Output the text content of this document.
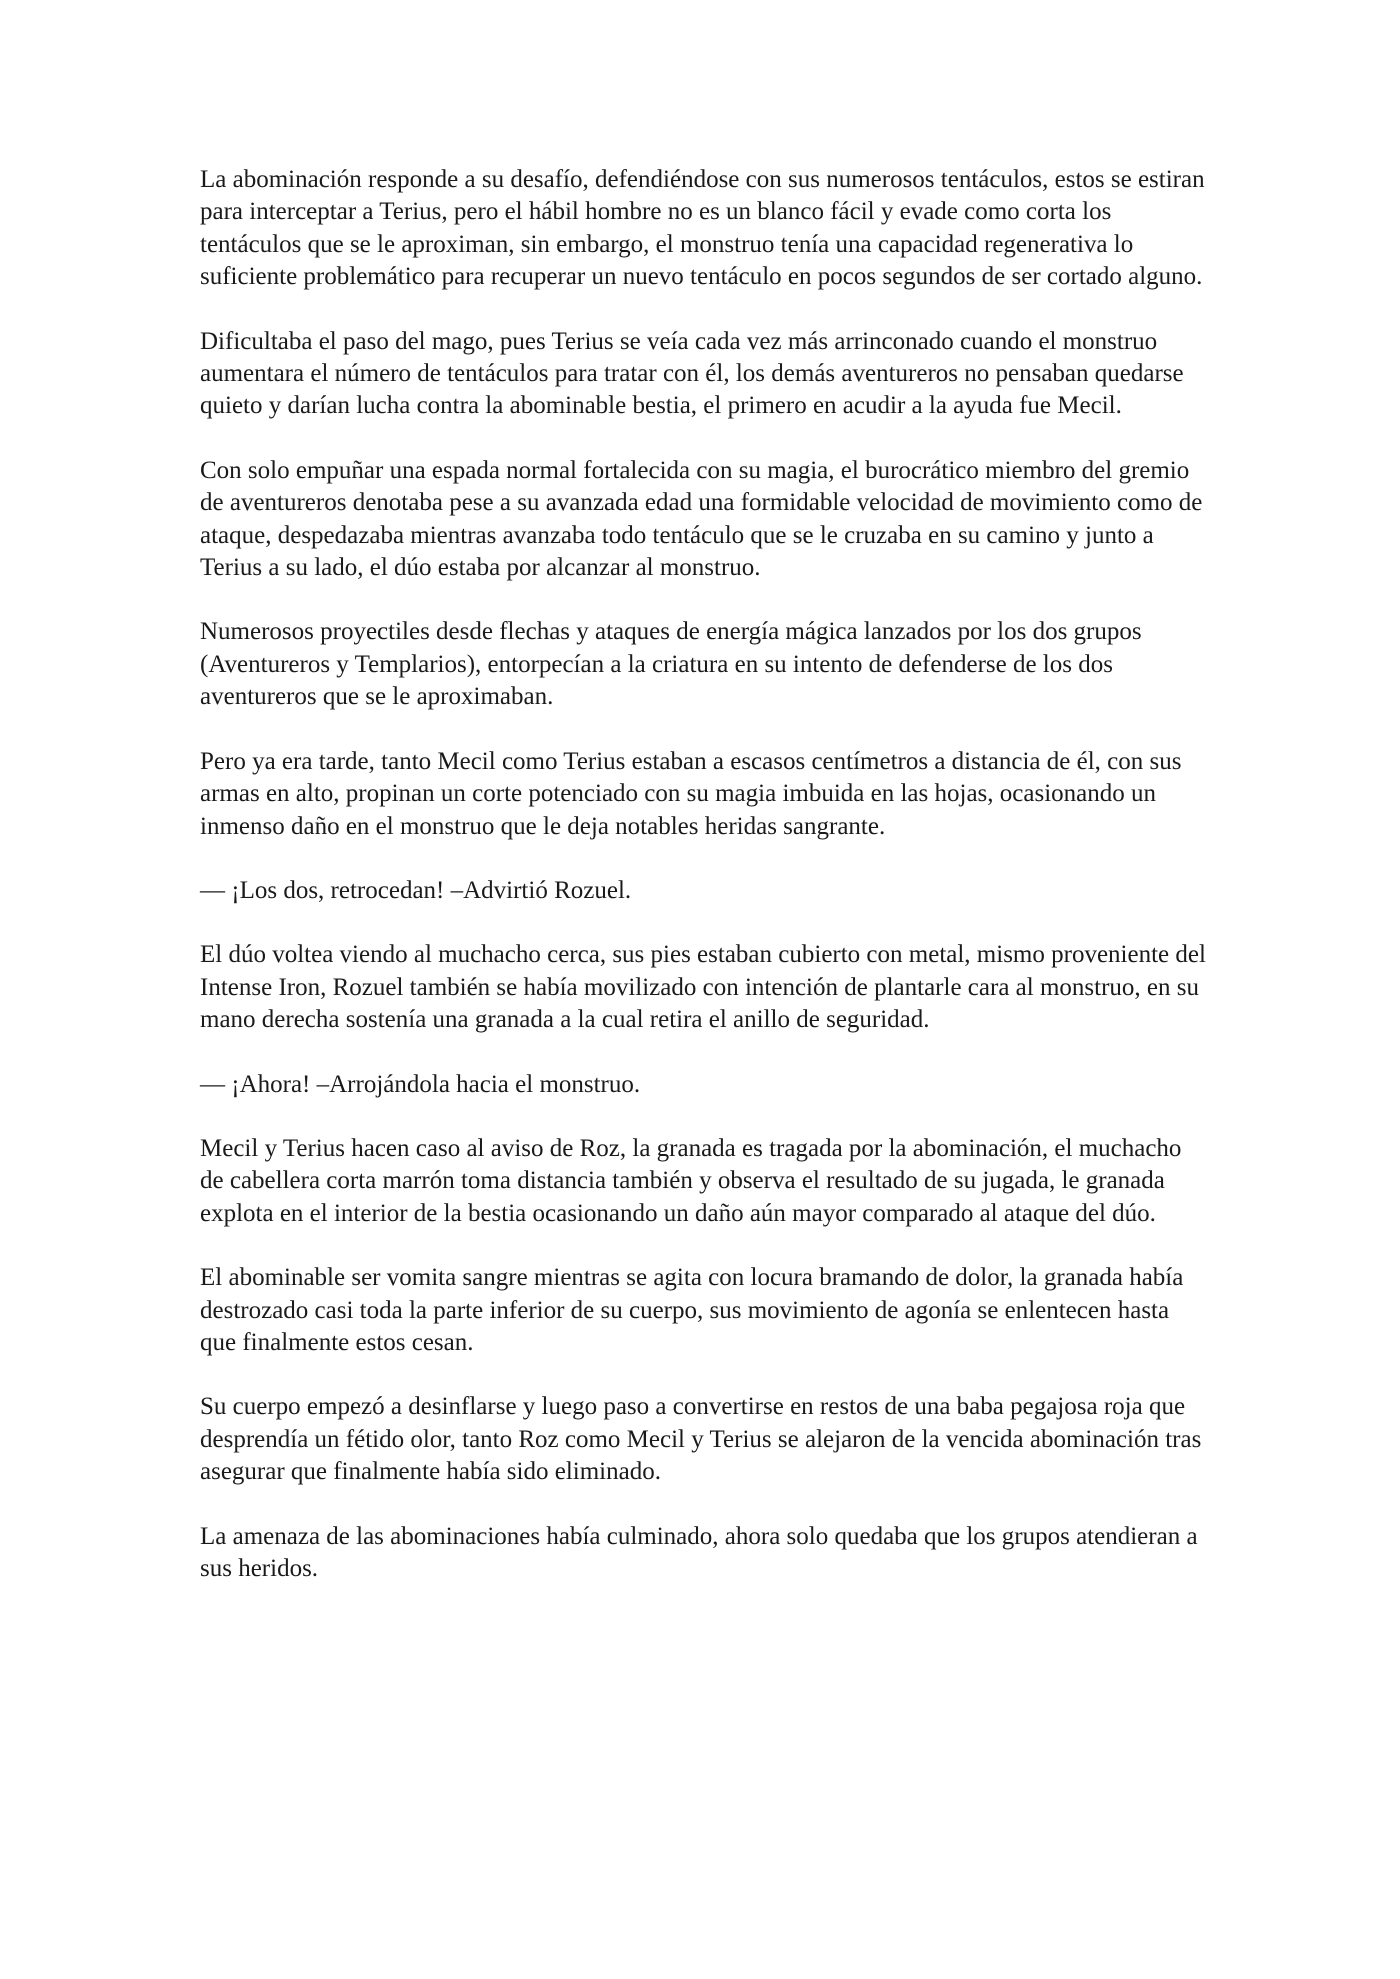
La abominación responde a su desafío, defendiéndose con sus numerosos tentáculos, estos se estiran para interceptar a Terius, pero el hábil hombre no es un blanco fácil y evade como corta los tentáculos que se le aproximan, sin embargo, el monstruo tenía una capacidad regenerativa lo suficiente problemático para recuperar un nuevo tentáculo en pocos segundos de ser cortado alguno.

Dificultaba el paso del mago, pues Terius se veía cada vez más arrinconado cuando el monstruo aumentara el número de tentáculos para tratar con él, los demás aventureros no pensaban quedarse quieto y darían lucha contra la abominable bestia, el primero en acudir a la ayuda fue Mecil.

Con solo empuñar una espada normal fortalecida con su magia, el burocrático miembro del gremio de aventureros denotaba pese a su avanzada edad una formidable velocidad de movimiento como de ataque, despedazaba mientras avanzaba todo tentáculo que se le cruzaba en su camino y junto a Terius a su lado, el dúo estaba por alcanzar al monstruo.

Numerosos proyectiles desde flechas y ataques de energía mágica lanzados por los dos grupos (Aventureros y Templarios), entorpecían a la criatura en su intento de defenderse de los dos aventureros que se le aproximaban.

Pero ya era tarde, tanto Mecil como Terius estaban a escasos centímetros a distancia de él, con sus armas en alto, propinan un corte potenciado con su magia imbuida en las hojas, ocasionando un inmenso daño en el monstruo que le deja notables heridas sangrante.

— ¡Los dos, retrocedan! –Advirtió Rozuel.

El dúo voltea viendo al muchacho cerca, sus pies estaban cubierto con metal, mismo proveniente del Intense Iron, Rozuel también se había movilizado con intención de plantarle cara al monstruo, en su mano derecha sostenía una granada a la cual retira el anillo de seguridad.

— ¡Ahora! –Arrojándola hacia el monstruo.

Mecil y Terius hacen caso al aviso de Roz, la granada es tragada por la abominación, el muchacho de cabellera corta marrón toma distancia también y observa el resultado de su jugada, le granada explota en el interior de la bestia ocasionando un daño aún mayor comparado al ataque del dúo.

El abominable ser vomita sangre mientras se agita con locura bramando de dolor, la granada había destrozado casi toda la parte inferior de su cuerpo, sus movimiento de agonía se enlentecen hasta que finalmente estos cesan.

Su cuerpo empezó a desinflarse y luego paso a convertirse en restos de una baba pegajosa roja que desprendía un fétido olor, tanto Roz como Mecil y Terius se alejaron de la vencida abominación tras asegurar que finalmente había sido eliminado.

La amenaza de las abominaciones había culminado, ahora solo quedaba que los grupos atendieran a sus heridos.
